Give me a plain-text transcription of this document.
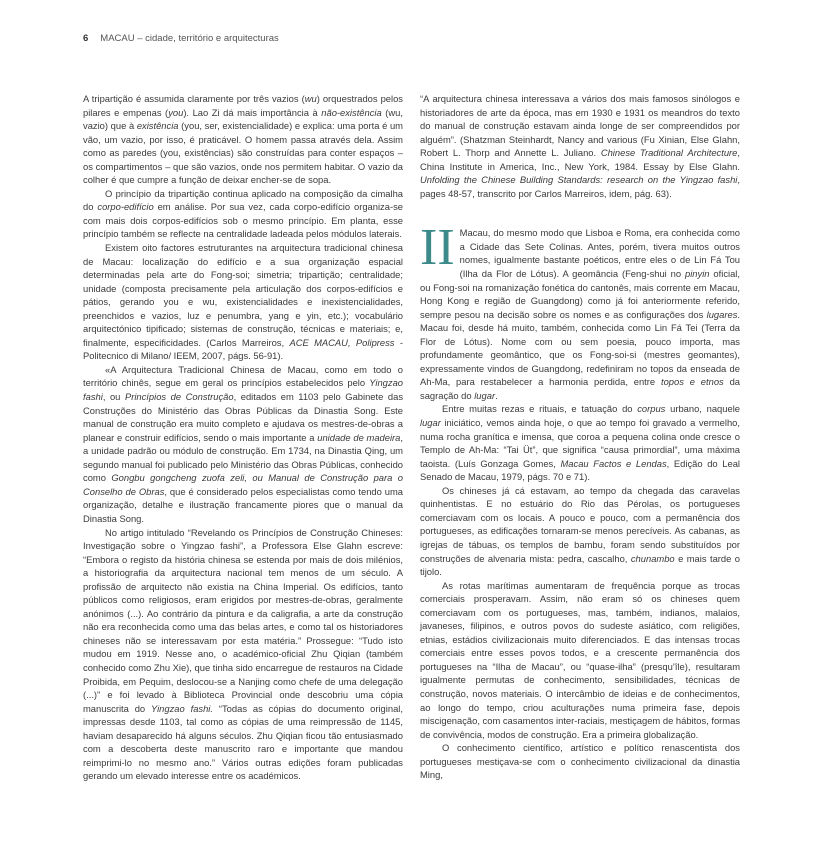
6 MACAU – cidade, território e arquitecturas

A tripartição é assumida claramente por três vazios (wu) orquestrados pelos pilares e empenas (you). Lao Zi dá mais importância à não-existência (wu, vazio) que à existência (you, ser, existencialidade) e explica: uma porta é um vão, um vazio, por isso, é praticável. O homem passa através dela. Assim como as paredes (you, existências) são construídas para conter espaços – os compartimentos – que são vazios, onde nos permitem habitar. O vazio da colher é que cumpre a função de deixar encher-se de sopa.

O princípio da tripartição continua aplicado na composição da cimalha do corpo-edifício em análise. Por sua vez, cada corpo-edifício organiza-se com mais dois corpos-edifícios sob o mesmo princípio. Em planta, esse princípio também se reflecte na centralidade ladeada pelos módulos laterais.

Existem oito factores estruturantes na arquitectura tradicional chinesa de Macau: localização do edifício e a sua organização espacial determinadas pela arte do Fong-soi; simetria; tripartição; centralidade; unidade (composta precisamente pela articulação dos corpos-edifícios e pátios, gerando you e wu, existencialidades e inexistencialidades, preenchidos e vazios, luz e penumbra, yang e yin, etc.); vocabulário arquitectónico tipificado; sistemas de construção, técnicas e materiais; e, finalmente, especificidades. (Carlos Marreiros, ACE MACAU, Polipress - Politecnico di Milano/ IEEM, 2007, págs. 56-91).

«A Arquitectura Tradicional Chinesa de Macau, como em todo o território chinês, segue em geral os princípios estabelecidos pelo Yingzao fashi, ou Princípios de Construção, editados em 1103 pelo Gabinete das Construções do Ministério das Obras Públicas da Dinastia Song. Este manual de construção era muito completo e ajudava os mestres-de-obras a planear e construir edifícios, sendo o mais importante a unidade de madeira, a unidade padrão ou módulo de construção. Em 1734, na Dinastia Qing, um segundo manual foi publicado pelo Ministério das Obras Públicas, conhecido como Gongbu gongcheng zuofa zeli, ou Manual de Construção para o Conselho de Obras, que é considerado pelos especialistas como tendo uma organização, detalhe e ilustração francamente piores que o manual da Dinastia Song.

No artigo intitulado “Revelando os Princípios de Construção Chineses: Investigação sobre o Yingzao fashi”, a Professora Else Glahn escreve: “Embora o registo da história chinesa se estenda por mais de dois milénios, a historiografia da arquitectura nacional tem menos de um século. A profissão de arquitecto não existia na China Imperial. Os edifícios, tanto públicos como religiosos, eram erigidos por mestres-de-obras, geralmente anónimos (...). Ao contrário da pintura e da caligrafia, a arte da construção não era reconhecida como uma das belas artes, e como tal os historiadores chineses não se interessavam por esta matéria.” Prossegue: “Tudo isto mudou em 1919. Nesse ano, o académico-oficial Zhu Qiqian (também conhecido como Zhu Xie), que tinha sido encarregue de restauros na Cidade Proibida, em Pequim, deslocou-se a Nanjing como chefe de uma delegação (...)” e foi levado à Biblioteca Provincial onde descobriu uma cópia manuscrita do Yingzao fashi. “Todas as cópias do documento original, impressas desde 1103, tal como as cópias de uma reimpressão de 1145, haviam desaparecido há alguns séculos. Zhu Qiqian ficou tão entusiasmado com a descoberta deste manuscrito raro e importante que mandou reimprimi-lo no mesmo ano.” Vários outras edições foram publicadas gerando um elevado interesse entre os académicos.

“A arquitectura chinesa interessava a vários dos mais famosos sinólogos e historiadores de arte da época, mas em 1930 e 1931 os meandros do texto do manual de construção estavam ainda longe de ser compreendidos por alguém”. (Shatzman Steinhardt, Nancy and various (Fu Xinian, Else Glahn, Robert L. Thorp and Annette L. Juliano. Chinese Traditional Architecture, China Institute in America, Inc., New York, 1984. Essay by Else Glahn. Unfolding the Chinese Building Standards: research on the Yingzao fashi, pages 48-57, transcrito por Carlos Marreiros, idem, pág. 63).

II Macau, do mesmo modo que Lisboa e Roma, era conhecida como a Cidade das Sete Colinas. Antes, porém, tivera muitos outros nomes, igualmente bastante poéticos, entre eles o de Lin Fá Tou (Ilha da Flor de Lótus). A geomância (Feng-shui no pinyin oficial, ou Fong-soi na romanização fonética do cantonês, mais corrente em Macau, Hong Kong e região de Guangdong) como já foi anteriormente referido, sempre pesou na decisão sobre os nomes e as configurações dos lugares. Macau foi, desde há muito, também, conhecida como Lin Fá Tei (Terra da Flor de Lótus). Nome com ou sem poesia, pouco importa, mas profundamente geomântico, que os Fong-soi-si (mestres geomantes), expressamente vindos de Guangdong, redefiniram no topos da enseada de Ah-Ma, para restabelecer a harmonia perdida, entre topos e etnos da sagração do lugar.

Entre muitas rezas e rituais, e tatuação do corpus urbano, naquele lugar iniciático, vemos ainda hoje, o que ao tempo foi gravado a vermelho, numa rocha granítica e imensa, que coroa a pequena colina onde cresce o Templo de Ah-Ma: “Tai Üt”, que significa “causa primordial”, uma máxima taoista. (Luís Gonzaga Gomes, Macau Factos e Lendas, Edição do Leal Senado de Macau, 1979, págs. 70 e 71).

Os chineses já cá estavam, ao tempo da chegada das caravelas quinhentistas. E no estuário do Rio das Pérolas, os portugueses comerciavam com os locais. A pouco e pouco, com a permanência dos portugueses, as edificações tornaram-se menos perecíveis. As cabanas, as igrejas de tábuas, os templos de bambu, foram sendo substituídos por construções de alvenaria mista: pedra, cascalho, chunambo e mais tarde o tijolo.

As rotas marítimas aumentaram de frequência porque as trocas comerciais prosperavam. Assim, não eram só os chineses quem comerciavam com os portugueses, mas, também, indianos, malaios, javaneses, filipinos, e outros povos do sudeste asiático, com religiões, etnias, estádios civilizacionais muito diferenciados. E das intensas trocas comerciais entre esses povos todos, e a crescente permanência dos portugueses na “Ilha de Macau”, ou “quase-ilha” (presqu’île), resultaram igualmente permutas de conhecimento, sensibilidades, técnicas de construção, novos materiais. O intercâmbio de ideias e de conhecimentos, ao longo do tempo, criou aculturações numa primeira fase, depois miscigenação, com casamentos inter-raciais, mestiçagem de hábitos, formas de convivência, modos de construção. Era a primeira globalização.

O conhecimento científico, artístico e político renascentista dos portugueses mestiçava-se com o conhecimento civilizacional da dinastia Ming,
